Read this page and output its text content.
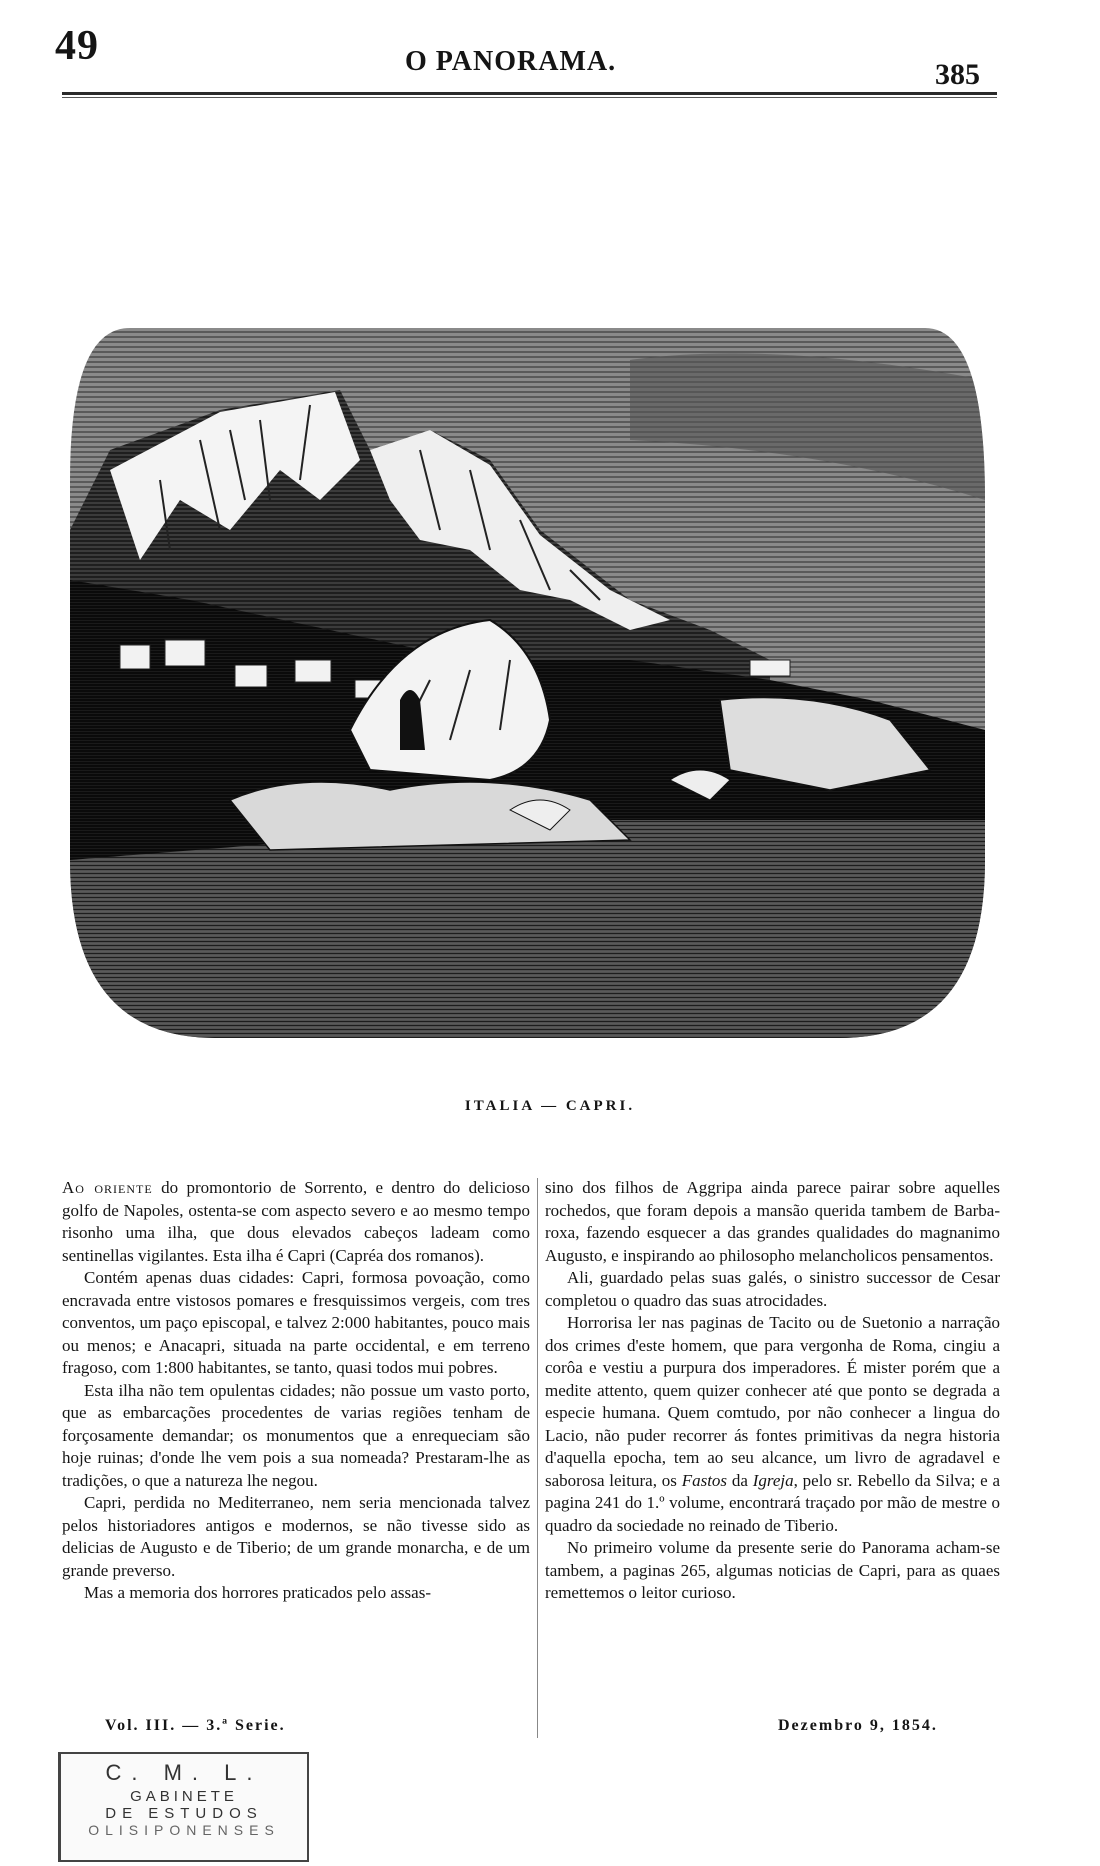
49	O PANORAMA.	385
ITALIA — CAPRI.

Ao oriente do promontorio de Sorrento, e dentro do delicioso golfo de Napoles, ostenta-se com aspecto severo e ao mesmo tempo risonho uma ilha, que dous elevados cabeços ladeam como sentinellas vigilantes. Esta ilha é Capri (Capréa dos romanos).

Contém apenas duas cidades: Capri, formosa povoação, como encravada entre vistosos pomares e fresquissimos vergeis, com tres conventos, um paço episcopal, e talvez 2:000 habitantes, pouco mais ou menos; e Anacapri, situada na parte occidental, e em terreno fragoso, com 1:800 habitantes, se tanto, quasi todos mui pobres.

Esta ilha não tem opulentas cidades; não possue um vasto porto, que as embarcações procedentes de varias regiões tenham de forçosamente demandar; os monumentos que a enrequeciam são hoje ruinas; d'onde lhe vem pois a sua nomeada? Prestaram-lhe as tradições, o que a natureza lhe negou.

Capri, perdida no Mediterraneo, nem seria mencionada talvez pelos historiadores antigos e modernos, se não tivesse sido as delicias de Augusto e de Tiberio; de um grande monarcha, e de um grande preverso.

Mas a memoria dos horrores praticados pelo assas-

sino dos filhos de Aggripa ainda parece pairar sobre aquelles rochedos, que foram depois a mansão querida tambem de Barba-roxa, fazendo esquecer a das grandes qualidades do magnanimo Augusto, e inspirando ao philosopho melancholicos pensamentos.

Ali, guardado pelas suas galés, o sinistro successor de Cesar completou o quadro das suas atrocidades.

Horrorisa ler nas paginas de Tacito ou de Suetonio a narração dos crimes d'este homem, que para vergonha de Roma, cingiu a corôa e vestiu a purpura dos imperadores. É mister porém que a medite attento, quem quizer conhecer até que ponto se degrada a especie humana. Quem comtudo, por não conhecer a lingua do Lacio, não puder recorrer ás fontes primitivas da negra historia d'aquella epocha, tem ao seu alcance, um livro de agradavel e saborosa leitura, os Fastos da Igreja, pelo sr. Rebello da Silva; e a pagina 241 do 1.º volume, encontrará traçado por mão de mestre o quadro da sociedade no reinado de Tiberio.

No primeiro volume da presente serie do Panorama acham-se tambem, a paginas 265, algumas noticias de Capri, para as quaes remettemos o leitor curioso.

Vol. III. — 3.ª Serie.	Dezembro 9, 1854.
C. M. L.
GABINETE
DE ESTUDOS
OLISIPONENSES
